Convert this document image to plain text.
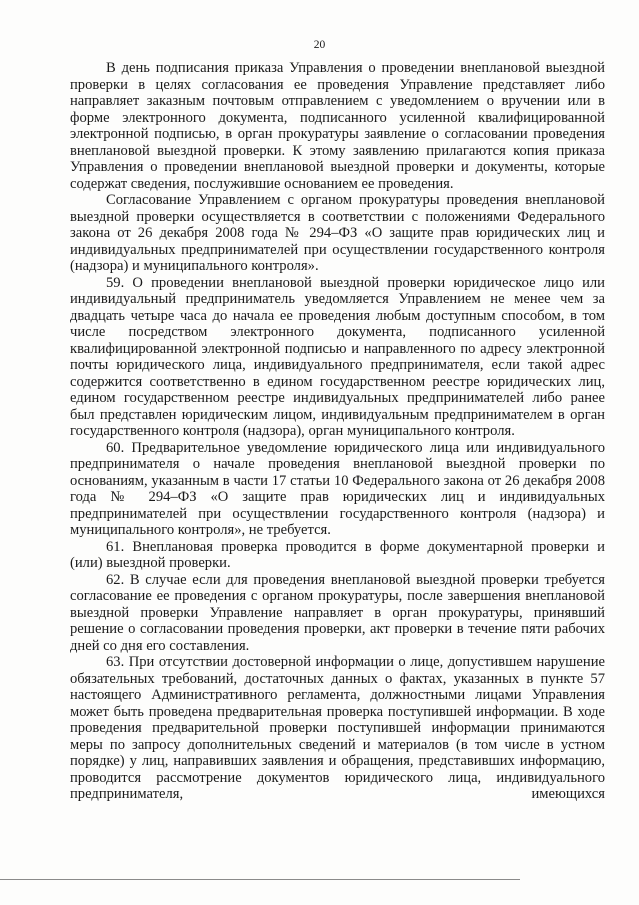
20

В день подписания приказа Управления о проведении внеплановой выездной проверки в целях согласования ее проведения Управление представляет либо направляет заказным почтовым отправлением с уведомлением о вручении или в форме электронного документа, подписанного усиленной квалифицированной электронной подписью, в орган прокуратуры заявление о согласовании проведения внеплановой выездной проверки. К этому заявлению прилагаются копия приказа Управления о проведении внеплановой выездной проверки и документы, которые содержат сведения, послужившие основанием ее проведения.

Согласование Управлением с органом прокуратуры проведения внеплановой выездной проверки осуществляется в соответствии с положениями Федерального закона от 26 декабря 2008 года № 294–ФЗ «О защите прав юридических лиц и индивидуальных предпринимателей при осуществлении государственного контроля (надзора) и муниципального контроля».

59. О проведении внеплановой выездной проверки юридическое лицо или индивидуальный предприниматель уведомляется Управлением не менее чем за двадцать четыре часа до начала ее проведения любым доступным способом, в том числе посредством электронного документа, подписанного усиленной квалифицированной электронной подписью и направленного по адресу электронной почты юридического лица, индивидуального предпринимателя, если такой адрес содержится соответственно в едином государственном реестре юридических лиц, едином государственном реестре индивидуальных предпринимателей либо ранее был представлен юридическим лицом, индивидуальным предпринимателем в орган государственного контроля (надзора), орган муниципального контроля.

60. Предварительное уведомление юридического лица или индивидуального предпринимателя о начале проведения внеплановой выездной проверки по основаниям, указанным в части 17 статьи 10 Федерального закона от 26 декабря 2008 года № 294–ФЗ «О защите прав юридических лиц и индивидуальных предпринимателей при осуществлении государственного контроля (надзора) и муниципального контроля», не требуется.

61. Внеплановая проверка проводится в форме документарной проверки и (или) выездной проверки.

62. В случае если для проведения внеплановой выездной проверки требуется согласование ее проведения с органом прокуратуры, после завершения внеплановой выездной проверки Управление направляет в орган прокуратуры, принявший решение о согласовании проведения проверки, акт проверки в течение пяти рабочих дней со дня его составления.

63. При отсутствии достоверной информации о лице, допустившем нарушение обязательных требований, достаточных данных о фактах, указанных в пункте 57 настоящего Административного регламента, должностными лицами Управления может быть проведена предварительная проверка поступившей информации. В ходе проведения предварительной проверки поступившей информации принимаются меры по запросу дополнительных сведений и материалов (в том числе в устном порядке) у лиц, направивших заявления и обращения, представивших информацию, проводится рассмотрение документов юридического лица, индивидуального предпринимателя, имеющихся
